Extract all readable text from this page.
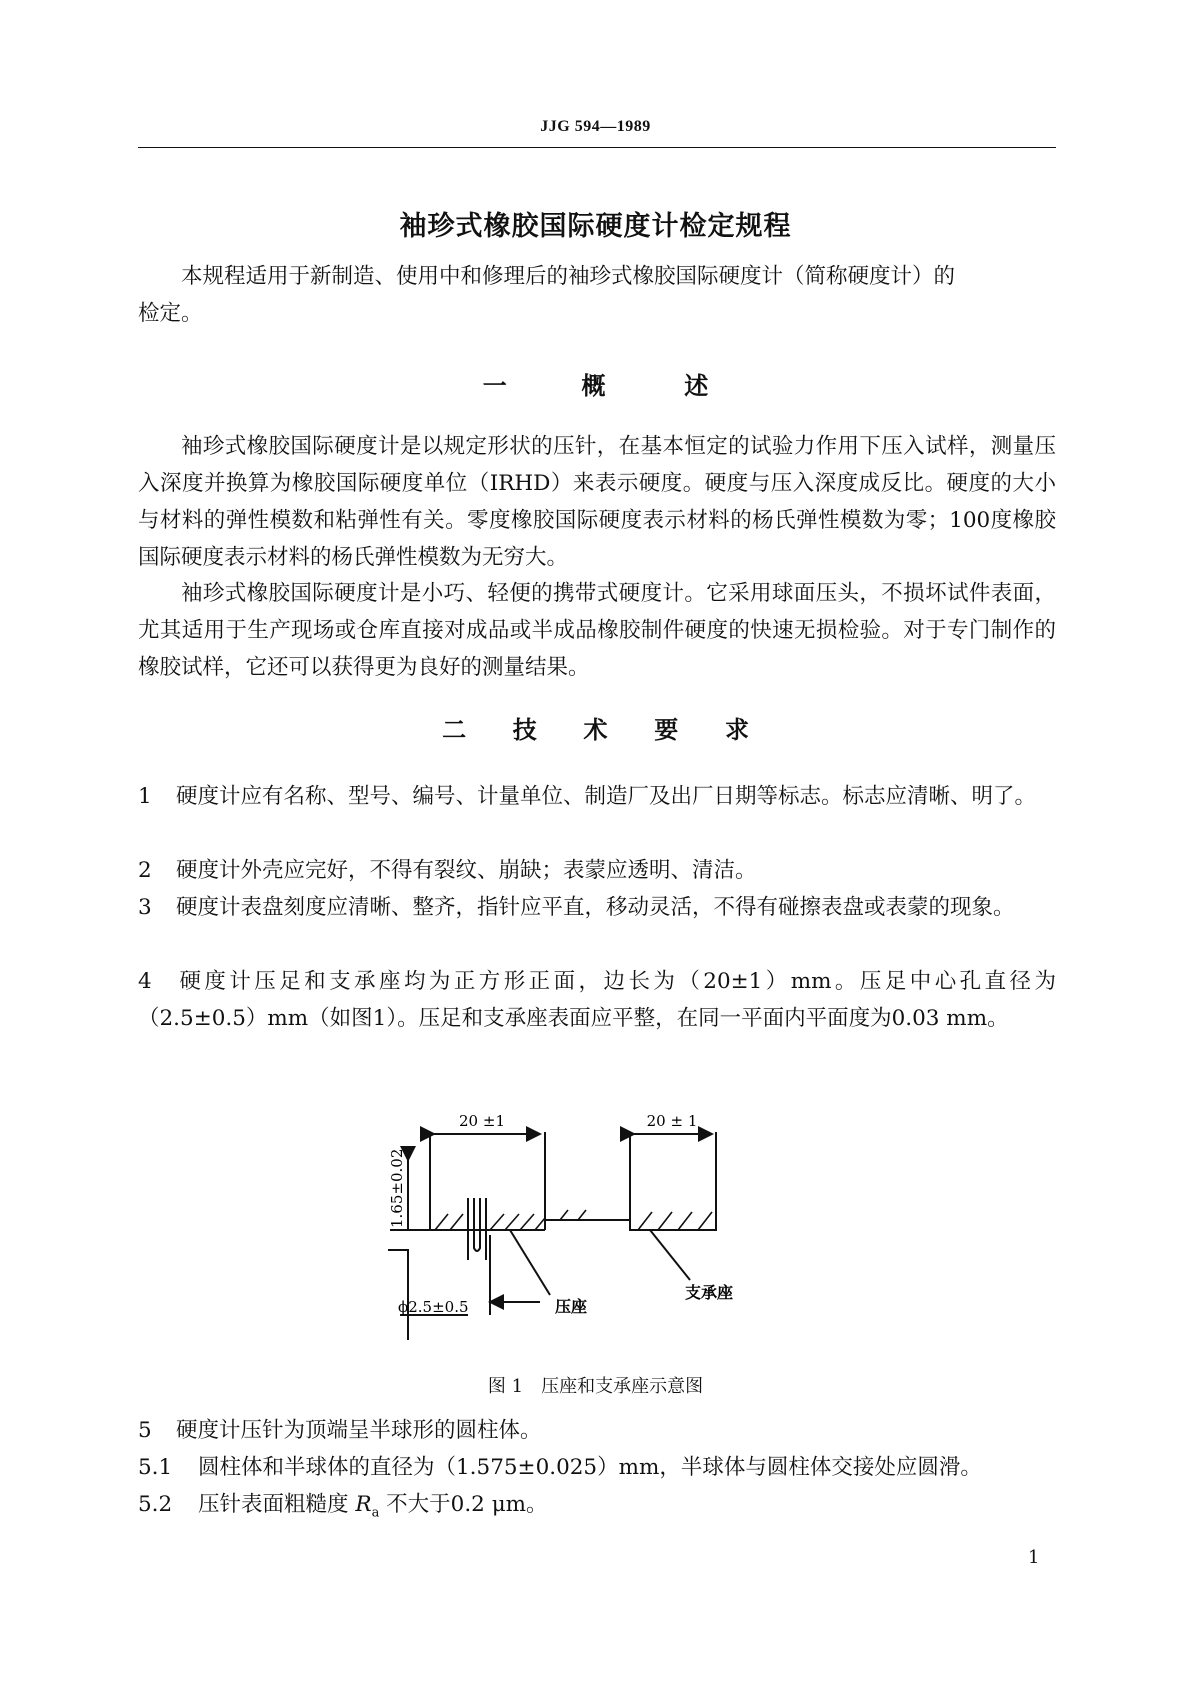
JJG 594—1989
袖珍式橡胶国际硬度计检定规程

本规程适用于新制造、使用中和修理后的袖珍式橡胶国际硬度计（简称硬度计）的
检定。

一	概	述

袖珍式橡胶国际硬度计是以规定形状的压针，在基本恒定的试验力作用下压入试样，测量压入深度并换算为橡胶国际硬度单位（IRHD）来表示硬度。硬度与压入深度成反比。硬度的大小与材料的弹性模数和粘弹性有关。零度橡胶国际硬度表示材料的杨氏弹性模数为零；100度橡胶国际硬度表示材料的杨氏弹性模数为无穷大。

袖珍式橡胶国际硬度计是小巧、轻便的携带式硬度计。它采用球面压头，不损坏试件表面，尤其适用于生产现场或仓库直接对成品或半成品橡胶制件硬度的快速无损检验。对于专门制作的橡胶试样，它还可以获得更为良好的测量结果。

二 技 术 要 求

1 硬度计应有名称、型号、编号、计量单位、制造厂及出厂日期等标志。标志应清晰、明了。

2 硬度计外壳应完好，不得有裂纹、崩缺；表蒙应透明、清洁。

3 硬度计表盘刻度应清晰、整齐，指针应平直，移动灵活，不得有碰擦表盘或表蒙的现象。

4 硬度计压足和支承座均为正方形正面，边长为（20±1）mm。压足中心孔直径为（2.5±0.5）mm（如图1）。压足和支承座表面应平整，在同一平面内平面度为0.03 mm。

20 ±1	20 ± 1
1.65±0.02
ϕ2.5±0.5	压座
支承座
图 1 压座和支承座示意图

5 硬度计压针为顶端呈半球形的圆柱体。

5.1 圆柱体和半球体的直径为（1.575±0.025）mm，半球体与圆柱体交接处应圆滑。

5.2 压针表面粗糙度 $R_a$ 不大于0.2 μm。

1
